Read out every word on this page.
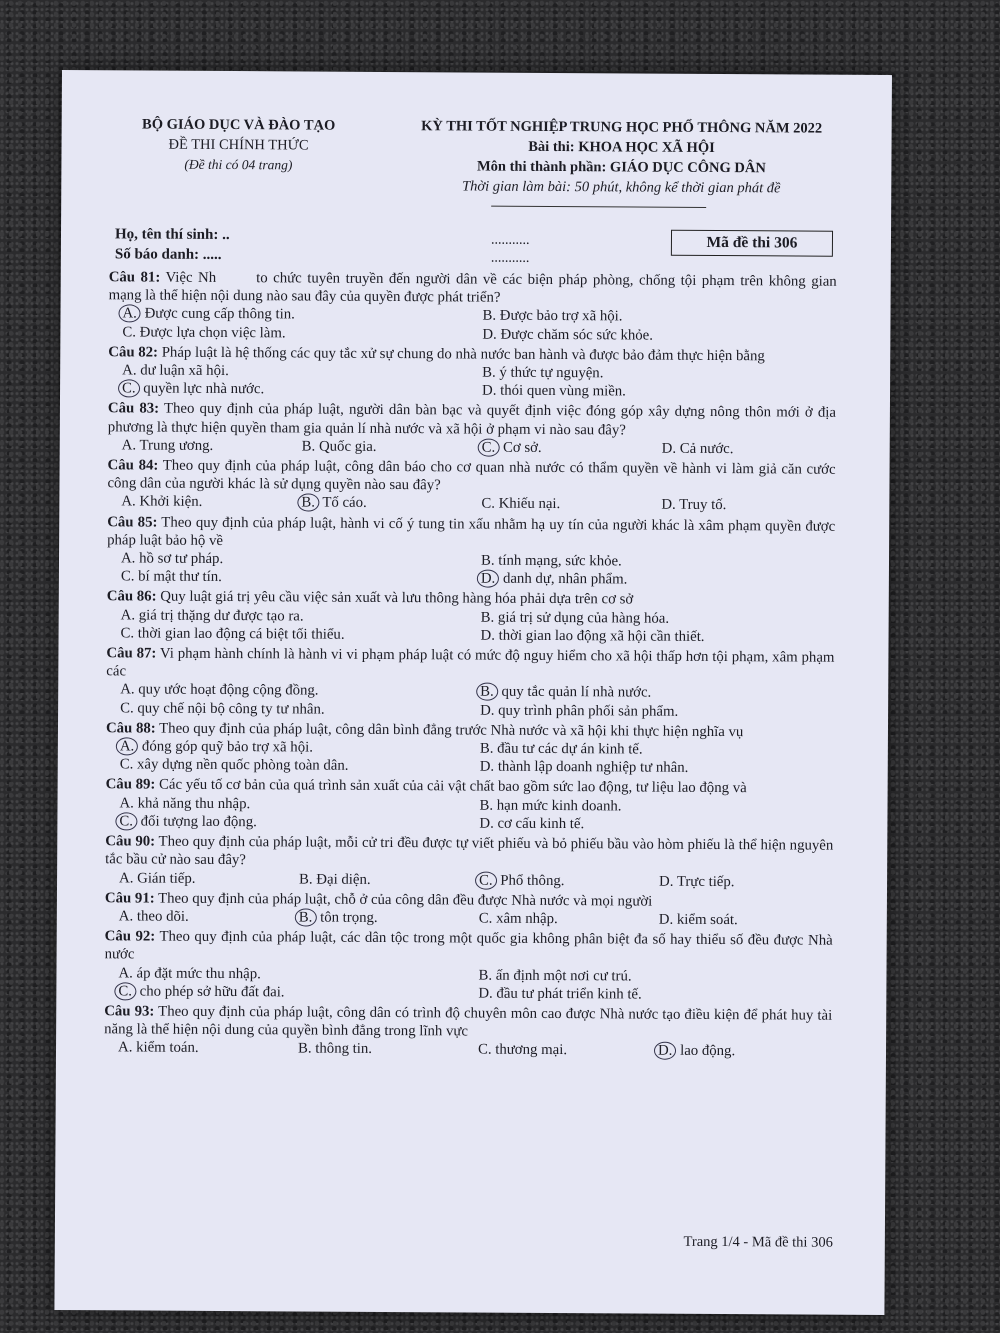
BỘ GIÁO DỤC VÀ ĐÀO TẠO
ĐỀ THI CHÍNH THỨC
(Đề thi có 04 trang)
KỲ THI TỐT NGHIỆP TRUNG HỌC PHỔ THÔNG NĂM 2022
Bài thi: KHOA HỌC XÃ HỘI
Môn thi thành phần: GIÁO DỤC CÔNG DÂN
Thời gian làm bài: 50 phút, không kể thời gian phát đề
Họ, tên thí sinh: ..
Số báo danh: .....
...........
...........
Mã đề thi 306
Câu 81: Việc Nh	to chức tuyên truyền đến người dân về các biện pháp phòng, chống tội phạm trên không gian mạng là thể hiện nội dung nào sau đây của quyền được phát triển?
A. Được cung cấp thông tin.	B. Được bảo trợ xã hội.
C. Được lựa chọn việc làm.	D. Được chăm sóc sức khỏe.
Câu 82: Pháp luật là hệ thống các quy tắc xử sự chung do nhà nước ban hành và được bảo đảm thực hiện bằng
A. dư luận xã hội.	B. ý thức tự nguyện.
C. quyền lực nhà nước.	D. thói quen vùng miền.
Câu 83: Theo quy định của pháp luật, người dân bàn bạc và quyết định việc đóng góp xây dựng nông thôn mới ở địa phương là thực hiện quyền tham gia quản lí nhà nước và xã hội ở phạm vi nào sau đây?
A. Trung ương.	B. Quốc gia.	C. Cơ sở.	D. Cả nước.
Câu 84: Theo quy định của pháp luật, công dân báo cho cơ quan nhà nước có thẩm quyền về hành vi làm giả căn cước công dân của người khác là sử dụng quyền nào sau đây?
A. Khởi kiện.	B. Tố cáo.	C. Khiếu nại.	D. Truy tố.
Câu 85: Theo quy định của pháp luật, hành vi cố ý tung tin xấu nhằm hạ uy tín của người khác là xâm phạm quyền được pháp luật bảo hộ về
A. hồ sơ tư pháp.	B. tính mạng, sức khỏe.
C. bí mật thư tín.	D. danh dự, nhân phẩm.
Câu 86: Quy luật giá trị yêu cầu việc sản xuất và lưu thông hàng hóa phải dựa trên cơ sở
A. giá trị thặng dư được tạo ra.	B. giá trị sử dụng của hàng hóa.
C. thời gian lao động cá biệt tối thiểu.	D. thời gian lao động xã hội cần thiết.
Câu 87: Vi phạm hành chính là hành vi vi phạm pháp luật có mức độ nguy hiểm cho xã hội thấp hơn tội phạm, xâm phạm các
A. quy ước hoạt động cộng đồng.	B. quy tắc quản lí nhà nước.
C. quy chế nội bộ công ty tư nhân.	D. quy trình phân phối sản phẩm.
Câu 88: Theo quy định của pháp luật, công dân bình đẳng trước Nhà nước và xã hội khi thực hiện nghĩa vụ
A. đóng góp quỹ bảo trợ xã hội.	B. đầu tư các dự án kinh tế.
C. xây dựng nền quốc phòng toàn dân.	D. thành lập doanh nghiệp tư nhân.
Câu 89: Các yếu tố cơ bản của quá trình sản xuất của cải vật chất bao gồm sức lao động, tư liệu lao động và
A. khả năng thu nhập.	B. hạn mức kinh doanh.
C. đối tượng lao động.	D. cơ cấu kinh tế.
Câu 90: Theo quy định của pháp luật, mỗi cử tri đều được tự viết phiếu và bỏ phiếu bầu vào hòm phiếu là thể hiện nguyên tắc bầu cử nào sau đây?
A. Gián tiếp.	B. Đại diện.	C. Phổ thông.	D. Trực tiếp.
Câu 91: Theo quy định của pháp luật, chỗ ở của công dân đều được Nhà nước và mọi người
A. theo dõi.	B. tôn trọng.	C. xâm nhập.	D. kiểm soát.
Câu 92: Theo quy định của pháp luật, các dân tộc trong một quốc gia không phân biệt đa số hay thiểu số đều được Nhà nước
A. áp đặt mức thu nhập.	B. ấn định một nơi cư trú.
C. cho phép sở hữu đất đai.	D. đầu tư phát triển kinh tế.
Câu 93: Theo quy định của pháp luật, công dân có trình độ chuyên môn cao được Nhà nước tạo điều kiện để phát huy tài năng là thể hiện nội dung của quyền bình đẳng trong lĩnh vực
A. kiểm toán.	B. thông tin.	C. thương mại.	D. lao động.
Trang 1/4 - Mã đề thi 306
